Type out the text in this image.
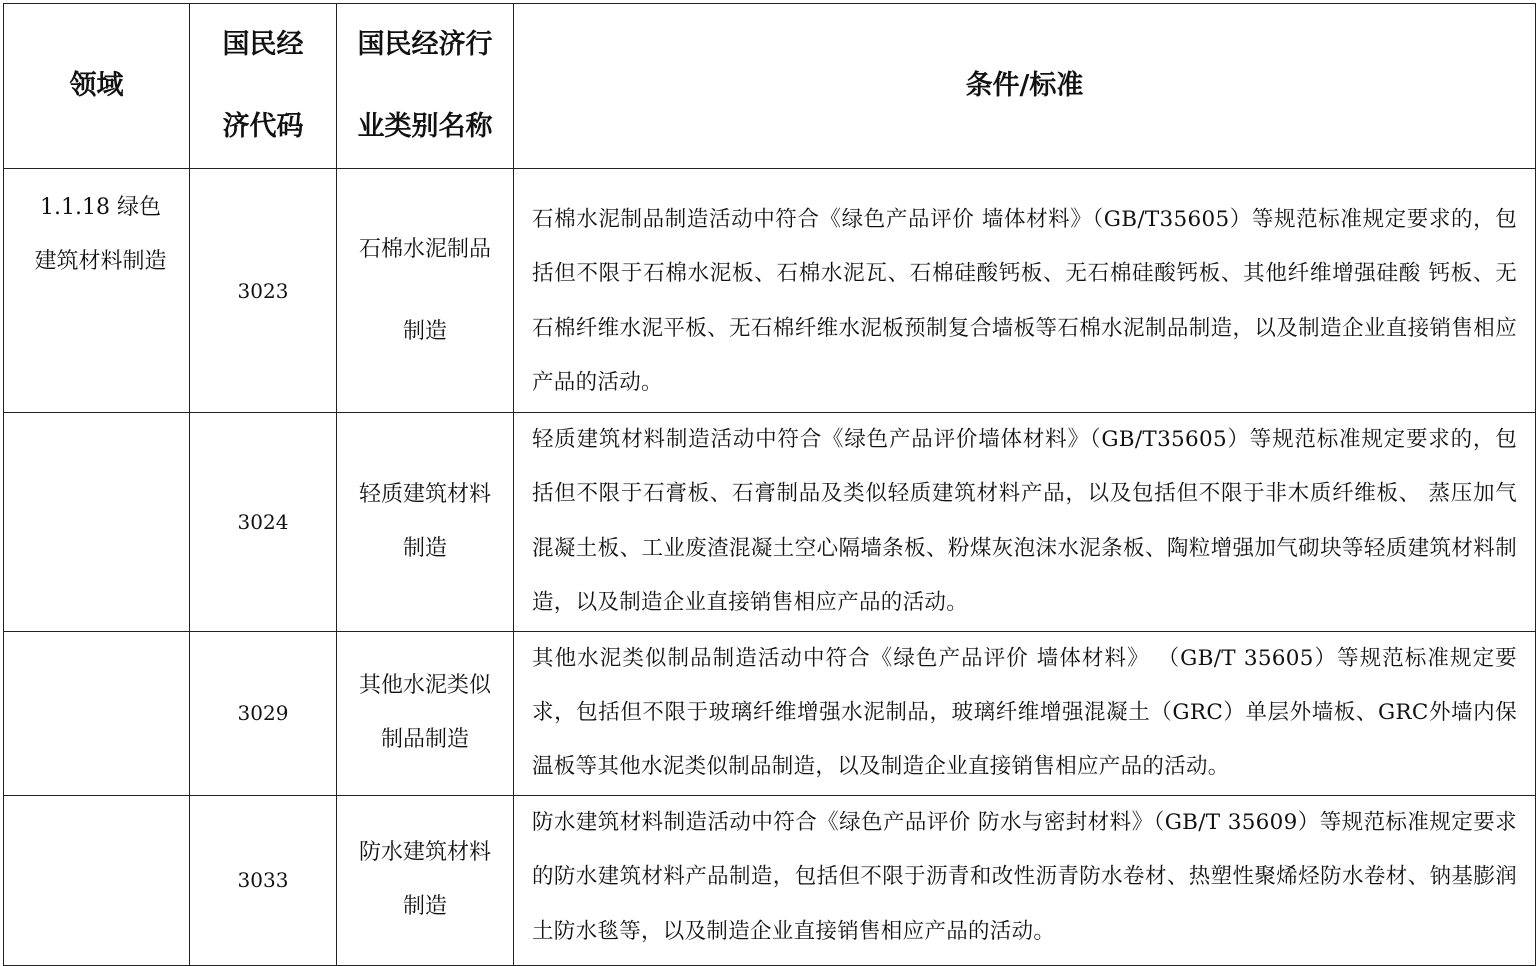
领域	国民经济代码	国民经济行业类别名称	条件/标准

1.1.18 绿色建筑材料制造	3023	石棉水泥制品制造	石棉水泥制品制造活动中符合《绿色产品评价 墙体材料》（GB/T35605）等规范标准规定要求的，包括但不限于石棉水泥板、石棉水泥瓦、石棉硅酸钙板、无石棉硅酸钙板、其他纤维增强硅酸 钙板、无石棉纤维水泥平板、无石棉纤维水泥板预制复合墙板等石棉水泥制品制造，以及制造企业直接销售相应产品的活动。

	3024	轻质建筑材料制造	轻质建筑材料制造活动中符合《绿色产品评价墙体材料》（GB/T35605）等规范标准规定要求的，包括但不限于石膏板、石膏制品及类似轻质建筑材料产品，以及包括但不限于非木质纤维板、 蒸压加气混凝土板、工业废渣混凝土空心隔墙条板、粉煤灰泡沫水泥条板、陶粒增强加气砌块等轻质建筑材料制造，以及制造企业直接销售相应产品的活动。

	3029	其他水泥类似制品制造	其他水泥类似制品制造活动中符合《绿色产品评价 墙体材料》 （GB/T 35605）等规范标准规定要求，包括但不限于玻璃纤维增强水泥制品，玻璃纤维增强混凝土（GRC）单层外墙板、GRC外墙内保温板等其他水泥类似制品制造，以及制造企业直接销售相应产品的活动。

	3033	防水建筑材料制造	防水建筑材料制造活动中符合《绿色产品评价 防水与密封材料》（GB/T 35609）等规范标准规定要求的防水建筑材料产品制造，包括但不限于沥青和改性沥青防水卷材、热塑性聚烯烃防水卷材、钠基膨润土防水毯等，以及制造企业直接销售相应产品的活动。
